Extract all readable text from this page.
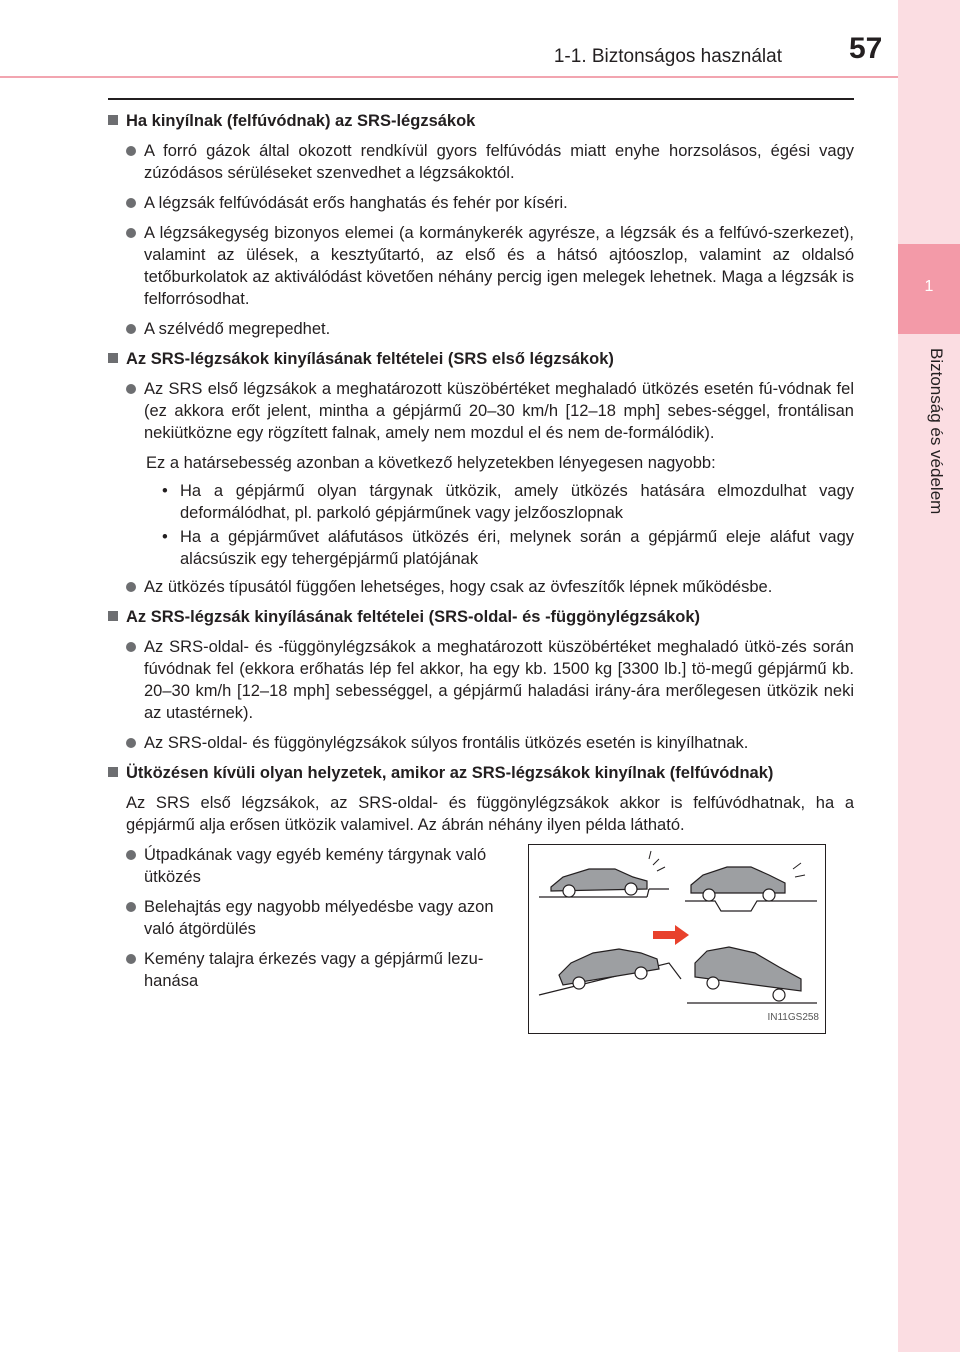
1-1. Biztonságos használat 57
1
Biztonság és védelem
Ha kinyílnak (felfúvódnak) az SRS-légzsákok
A forró gázok által okozott rendkívül gyors felfúvódás miatt enyhe horzsolásos, égési vagy zúzódásos sérüléseket szenvedhet a légzsákoktól.
A légzsák felfúvódását erős hanghatás és fehér por kíséri.
A légzsákegység bizonyos elemei (a kormánykerék agyrésze, a légzsák és a felfúvó-szerkezet), valamint az ülések, a kesztyűtartó, az első és a hátsó ajtóoszlop, valamint az oldalsó tetőburkolatok az aktiválódást követően néhány percig igen melegek lehetnek. Maga a légzsák is felforrósodhat.
A szélvédő megrepedhet.
Az SRS-légzsákok kinyílásának feltételei (SRS első légzsákok)
Az SRS első légzsákok a meghatározott küszöbértéket meghaladó ütközés esetén fú-vódnak fel (ez akkora erőt jelent, mintha a gépjármű 20–30 km/h [12–18 mph] sebes-séggel, frontálisan nekiütközne egy rögzített falnak, amely nem mozdul el és nem de-formálódik).
Ez a határsebesség azonban a következő helyzetekben lényegesen nagyobb:
• Ha a gépjármű olyan tárgynak ütközik, amely ütközés hatására elmozdulhat vagy deformálódhat, pl. parkoló gépjárműnek vagy jelzőoszlopnak
• Ha a gépjárművet aláfutásos ütközés éri, melynek során a gépjármű eleje aláfut vagy alácsúszik egy tehergépjármű platójának
Az ütközés típusától függően lehetséges, hogy csak az övfeszítők lépnek működésbe.
Az SRS-légzsák kinyílásának feltételei (SRS-oldal- és -függönylégzsákok)
Az SRS-oldal- és -függönylégzsákok a meghatározott küszöbértéket meghaladó ütkö-zés során fúvódnak fel (ekkora erőhatás lép fel akkor, ha egy kb. 1500 kg [3300 lb.] tö-megű gépjármű kb. 20–30 km/h [12–18 mph] sebességgel, a gépjármű haladási irány-ára merőlegesen ütközik neki az utastérnek).
Az SRS-oldal- és függönylégzsákok súlyos frontális ütközés esetén is kinyílhatnak.
Ütközésen kívüli olyan helyzetek, amikor az SRS-légzsákok kinyílnak (felfúvódnak)
Az SRS első légzsákok, az SRS-oldal- és függönylégzsákok akkor is felfúvódhatnak, ha a gépjármű alja erősen ütközik valamivel. Az ábrán néhány ilyen példa látható.
Útpadkának vagy egyéb kemény tárgynak való ütközés
Belehajtás egy nagyobb mélyedésbe vagy azon való átgördülés
Kemény talajra érkezés vagy a gépjármű lezu-hanása
IN11GS258
